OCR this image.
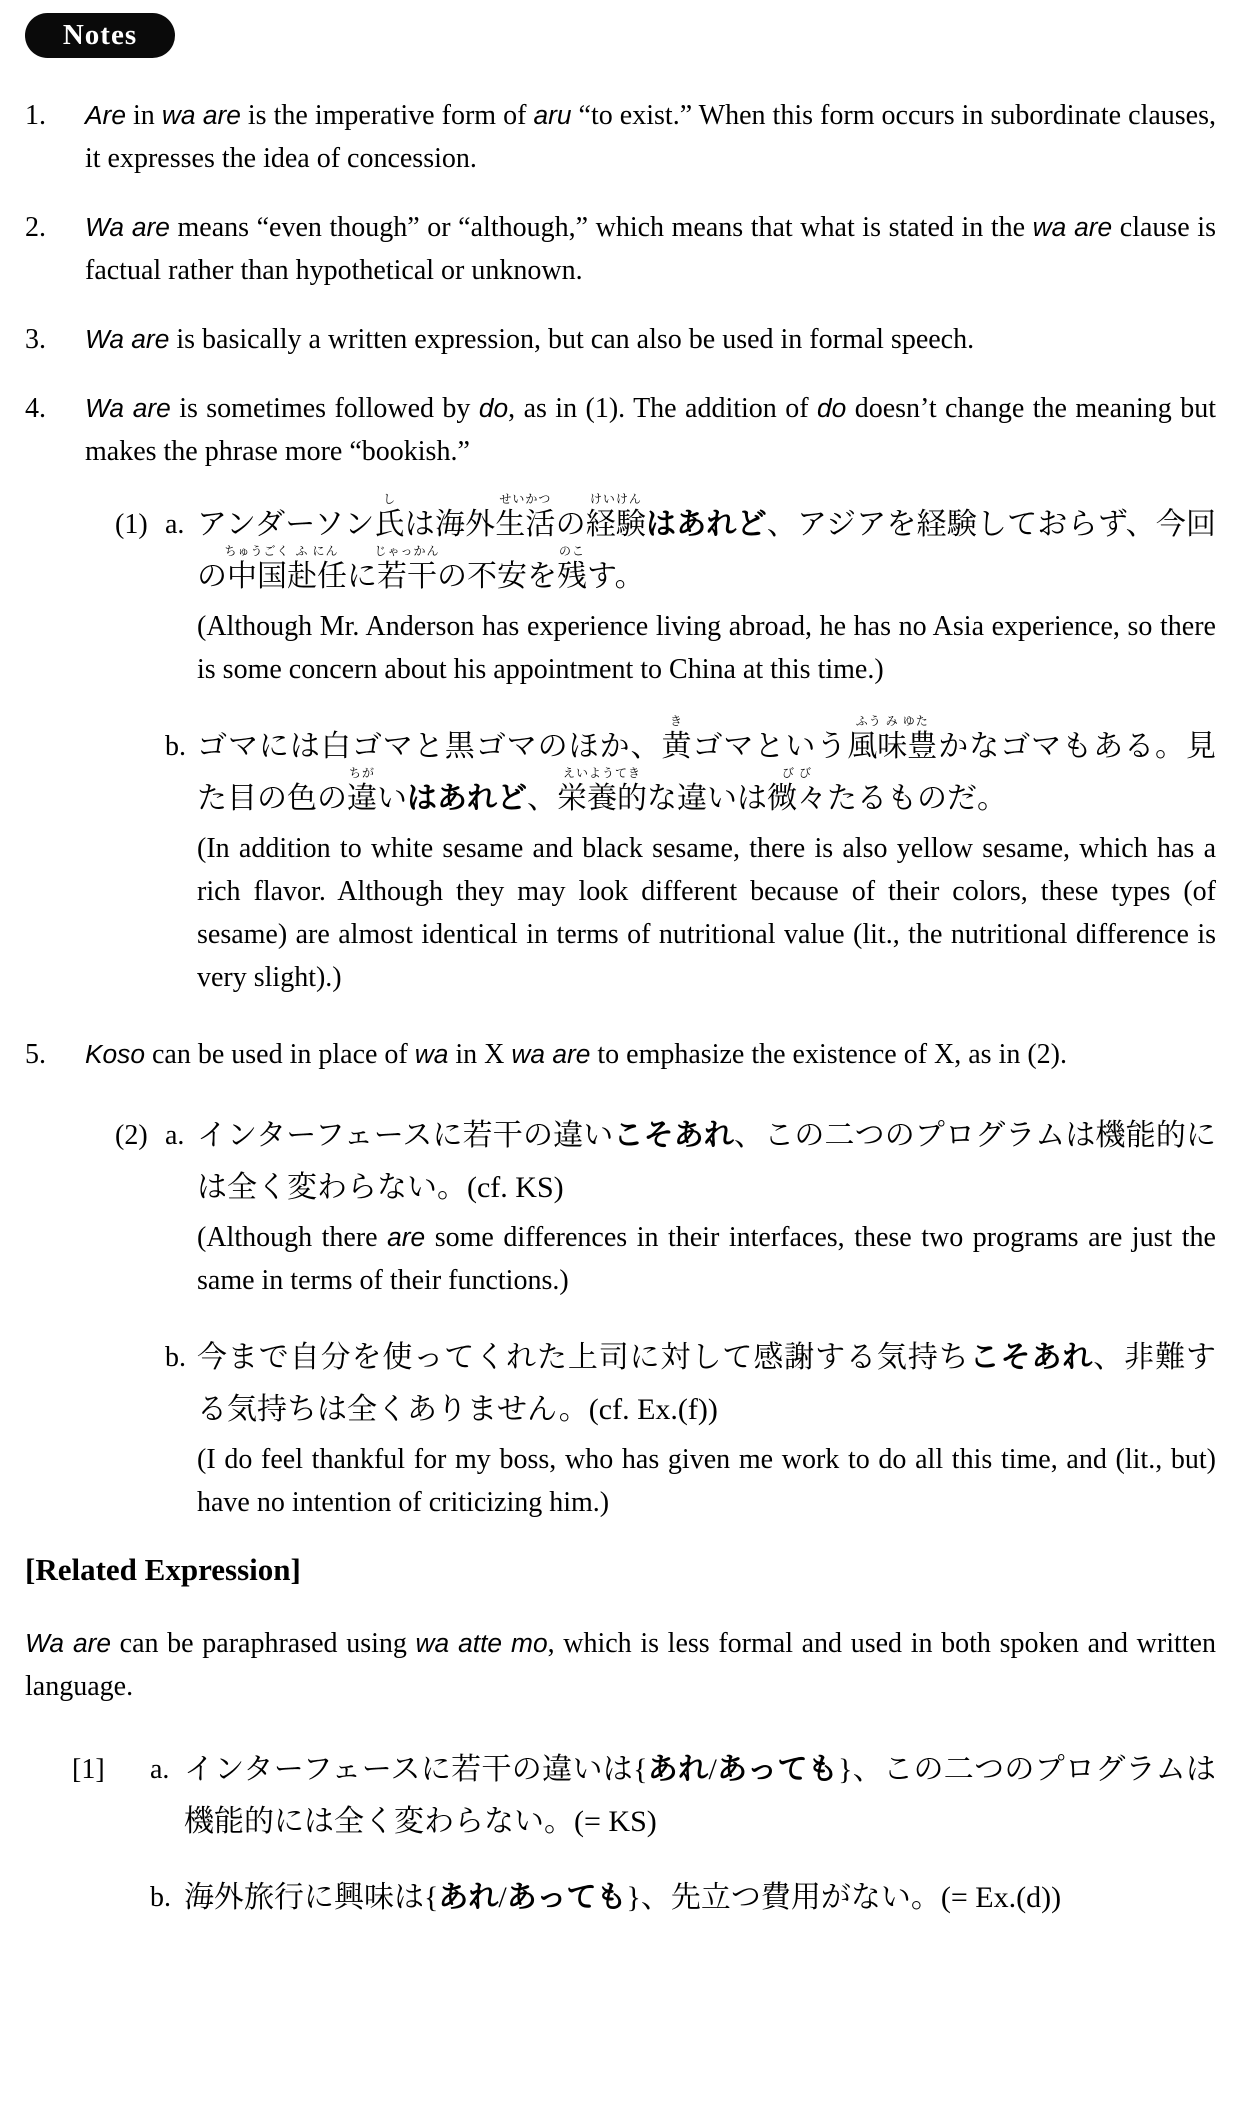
Notes
1.	Are in wa are is the imperative form of aru “to exist.” When this form occurs in subordinate clauses, it expresses the idea of concession.
2.	Wa are means “even though” or “although,” which means that what is stated in the wa are clause is factual rather than hypothetical or unknown.
3.	Wa are is basically a written expression, but can also be used in formal speech.
4.	Wa are is sometimes followed by do, as in (1). The addition of do doesn’t change the meaning but makes the phrase more “bookish.”
(1) a. アンダーソン氏
し
は海外生活
せいかつ
の経験
けいけん
はあれど、アジアを経験しておらず、今回の中国
ちゅうごく
赴任
ふ にん
に若干
じゃっかん
の不安を残
のこ
す。
(Although Mr. Anderson has experience living abroad, he has no Asia experience, so there is some concern about his appointment to China at this time.)
b. ゴマには白ゴマと黒ゴマのほか、黄
き
ゴマという風味豊
ふう み ゆた
かなゴマもある。見た目の色の違
ちが
いはあれど、栄養的
えいようてき
な違いは微々
び び
たるものだ。
(In addition to white sesame and black sesame, there is also yellow sesame, which has a rich flavor. Although they may look different because of their colors, these types (of sesame) are almost identical in terms of nutritional value (lit., the nutritional difference is very slight).)
5.	Koso can be used in place of wa in X wa are to emphasize the existence of X, as in (2).
(2) a. インターフェースに若干の違いこそあれ、この二つのプログラムは機能的には全く変わらない。(cf. KS)
(Although there are some differences in their interfaces, these two programs are just the same in terms of their functions.)
b. 今まで自分を使ってくれた上司に対して感謝する気持ちこそあれ、非難する気持ちは全くありません。(cf. Ex.(f))
(I do feel thankful for my boss, who has given me work to do all this time, and (lit., but) have no intention of criticizing him.)
[Related Expression]
Wa are can be paraphrased using wa atte mo, which is less formal and used in both spoken and written language.
[1]	a. インターフェースに若干の違いは{あれ/あっても}、この二つのプログラムは機能的には全く変わらない。(= KS)
b. 海外旅行に興味は{あれ/あっても}、先立つ費用がない。(= Ex.(d))
